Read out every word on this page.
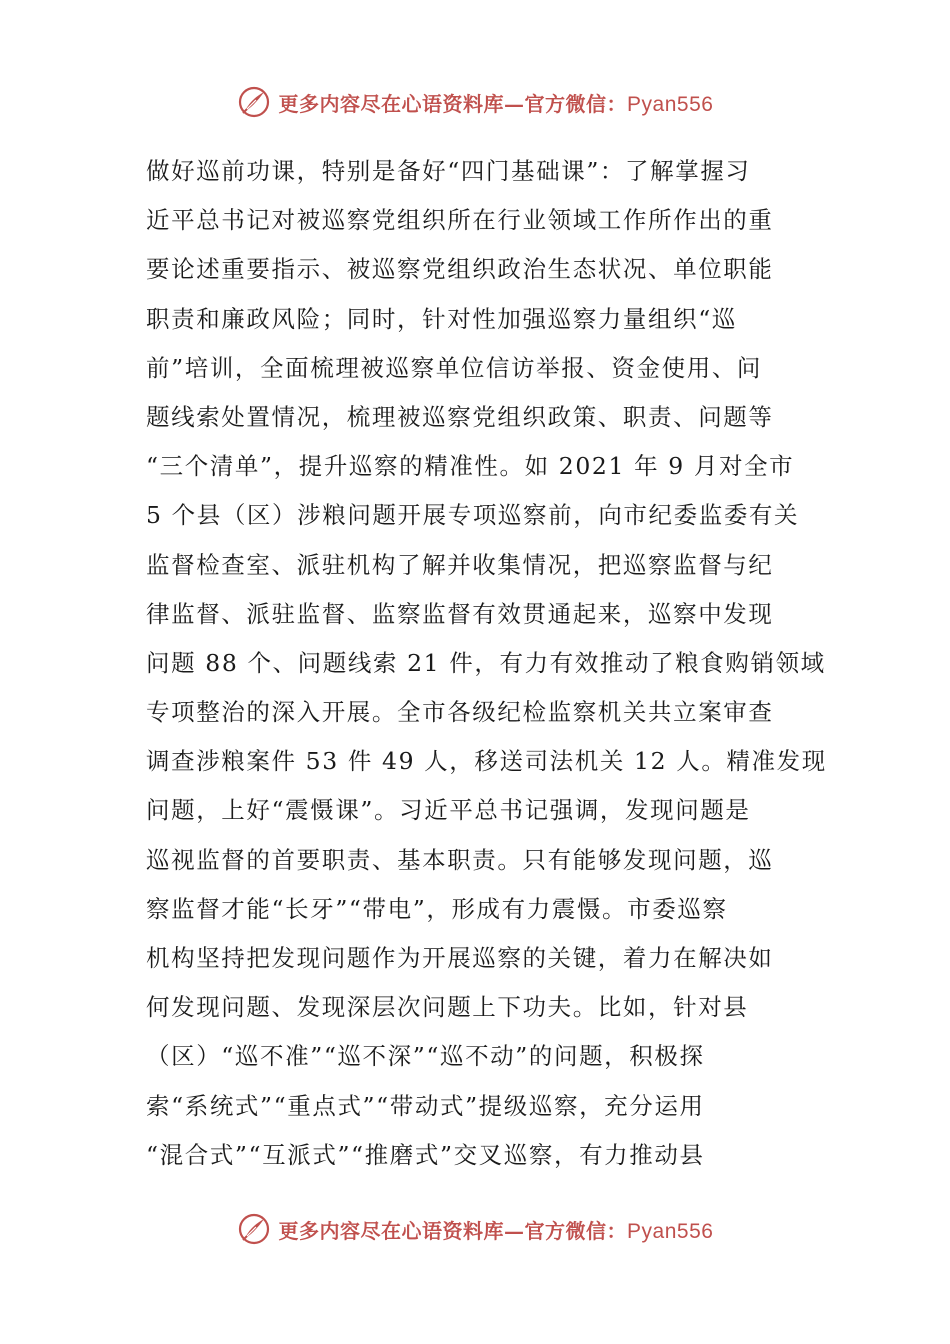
更多内容尽在心语资料库—官方微信：Pyan556
做好巡前功课，特别是备好“四门基础课”：了解掌握习
近平总书记对被巡察党组织所在行业领域工作所作出的重
要论述重要指示、被巡察党组织政治生态状况、单位职能
职责和廉政风险；同时，针对性加强巡察力量组织“巡
前”培训，全面梳理被巡察单位信访举报、资金使用、问
题线索处置情况，梳理被巡察党组织政策、职责、问题等
“三个清单”，提升巡察的精准性。如 2021 年 9 月对全市
5 个县（区）涉粮问题开展专项巡察前，向市纪委监委有关
监督检查室、派驻机构了解并收集情况，把巡察监督与纪
律监督、派驻监督、监察监督有效贯通起来，巡察中发现
问题 88 个、问题线索 21 件，有力有效推动了粮食购销领域
专项整治的深入开展。全市各级纪检监察机关共立案审查
调查涉粮案件 53 件 49 人，移送司法机关 12 人。精准发现
问题，上好“震慑课”。习近平总书记强调，发现问题是
巡视监督的首要职责、基本职责。只有能够发现问题，巡
察监督才能“长牙”“带电”，形成有力震慑。市委巡察
机构坚持把发现问题作为开展巡察的关键，着力在解决如
何发现问题、发现深层次问题上下功夫。比如，针对县
（区）“巡不准”“巡不深”“巡不动”的问题，积极探
索“系统式”“重点式”“带动式”提级巡察，充分运用
“混合式”“互派式”“推磨式”交叉巡察，有力推动县
更多内容尽在心语资料库—官方微信：Pyan556
